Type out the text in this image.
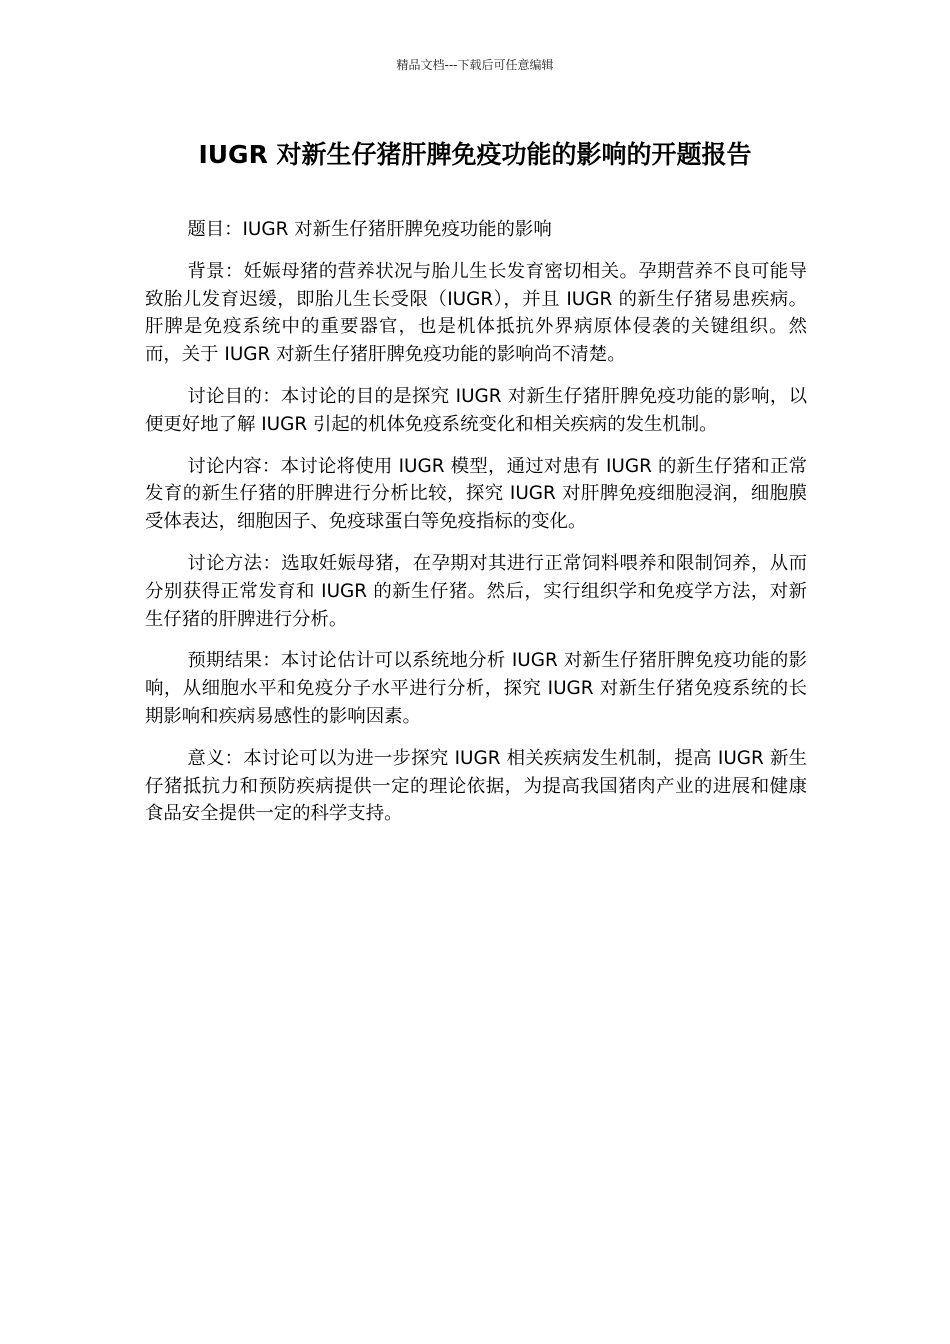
精品文档---下载后可任意编辑
IUGR 对新生仔猪肝脾免疫功能的影响的开题报告

题目：IUGR 对新生仔猪肝脾免疫功能的影响

背景：妊娠母猪的营养状况与胎儿生长发育密切相关。孕期营养不良可能导致胎儿发育迟缓，即胎儿生长受限（IUGR），并且 IUGR 的新生仔猪易患疾病。肝脾是免疫系统中的重要器官，也是机体抵抗外界病原体侵袭的关键组织。然而，关于 IUGR 对新生仔猪肝脾免疫功能的影响尚不清楚。

讨论目的：本讨论的目的是探究 IUGR 对新生仔猪肝脾免疫功能的影响，以便更好地了解 IUGR 引起的机体免疫系统变化和相关疾病的发生机制。

讨论内容：本讨论将使用 IUGR 模型，通过对患有 IUGR 的新生仔猪和正常发育的新生仔猪的肝脾进行分析比较，探究 IUGR 对肝脾免疫细胞浸润，细胞膜受体表达，细胞因子、免疫球蛋白等免疫指标的变化。

讨论方法：选取妊娠母猪，在孕期对其进行正常饲料喂养和限制饲养，从而分别获得正常发育和 IUGR 的新生仔猪。然后，实行组织学和免疫学方法，对新生仔猪的肝脾进行分析。

预期结果：本讨论估计可以系统地分析 IUGR 对新生仔猪肝脾免疫功能的影响，从细胞水平和免疫分子水平进行分析，探究 IUGR 对新生仔猪免疫系统的长期影响和疾病易感性的影响因素。

意义：本讨论可以为进一步探究 IUGR 相关疾病发生机制，提高 IUGR 新生仔猪抵抗力和预防疾病提供一定的理论依据，为提高我国猪肉产业的进展和健康食品安全提供一定的科学支持。
